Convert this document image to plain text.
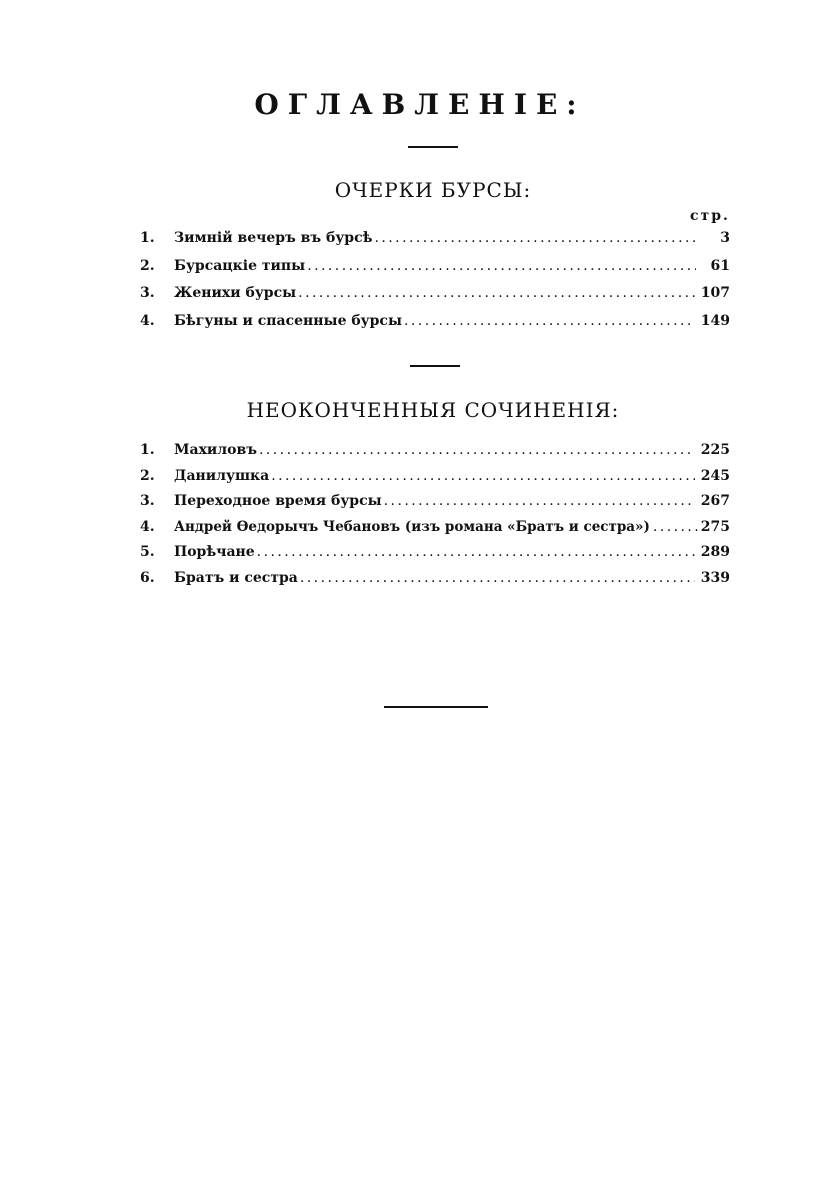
ОГЛАВЛЕНІЕ:
ОЧЕРКИ БУРСЫ:
стр.
1.	Зимній вечеръ въ бурсѣ . . .	3
2.	Бурсацкіе типы . . .	61
3.	Женихи бурсы . . .	107
4.	Бѣгуны и спасенные бурсы . . .	149
НЕОКОНЧЕННЫЯ СОЧИНЕНІЯ:
1.	Махиловъ . . .	225
2.	Данилушка . . .	245
3.	Переходное время бурсы . . .	267
4.	Андрей Ѳедорычъ Чебановъ (изъ романа «Братъ и сестра») . . .	275
5.	Порѣчане . . .	289
6.	Братъ и сестра . . .	339
